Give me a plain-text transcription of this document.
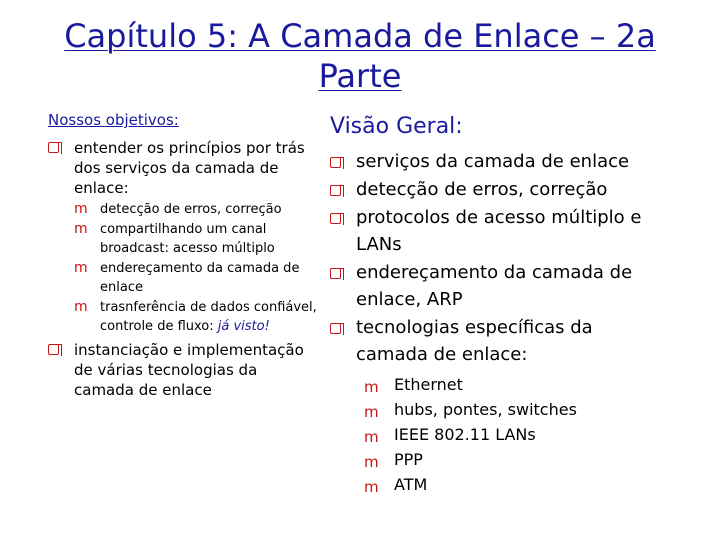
Capítulo 5: A Camada de Enlace – 2a
Parte
Nossos objetivos:
entender os princípios por trás dos serviços da camada de enlace:
m detecção de erros, correção
m compartilhando um canal broadcast: acesso múltiplo
m endereçamento da camada de enlace
m trasnferência de dados confiável, controle de fluxo: já visto!
instanciação e implementação de várias tecnologias da camada de enlace
Visão Geral:
serviços da camada de enlace
detecção de erros, correção
protocolos de acesso múltiplo e LANs
endereçamento da camada de enlace, ARP
tecnologias específicas da camada de enlace:
m Ethernet
m hubs, pontes, switches
m IEEE 802.11 LANs
m PPP
m ATM
